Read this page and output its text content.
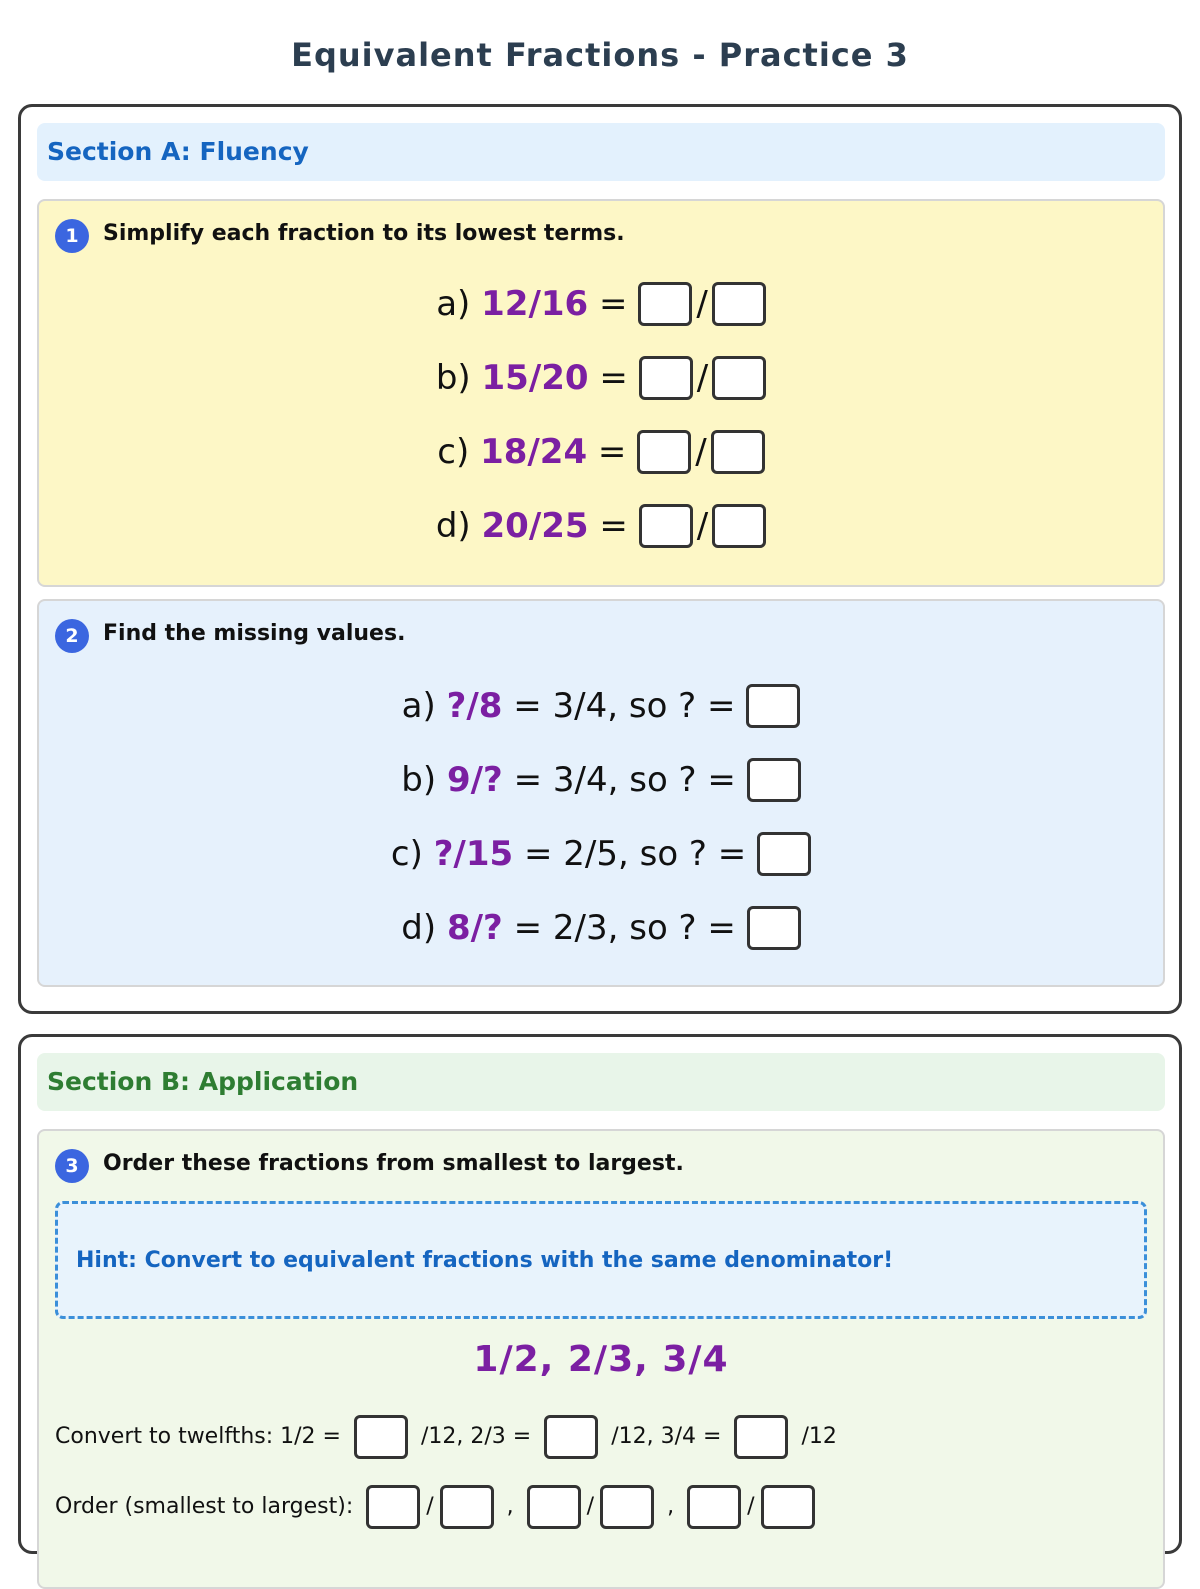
Equivalent Fractions - Practice 3
Section A: Fluency
1	Simplify each fraction to its lowest terms.
a) 12/16 = /
b) 15/20 = /
c) 18/24 = /
d) 20/25 = /
2	Find the missing values.
a) ?/8 = 3/4, so ? =
b) 9/? = 3/4, so ? =
c) ?/15 = 2/5, so ? =
d) 8/? = 2/3, so ? =
Section B: Application
3	Order these fractions from smallest to largest.
Hint: Convert to equivalent fractions with the same denominator!
1/2, 2/3, 3/4
Convert to twelfths: 1/2 =	/12, 2/3 =	/12, 3/4 =	/12
Order (smallest to largest):	/	,	/	,	/
